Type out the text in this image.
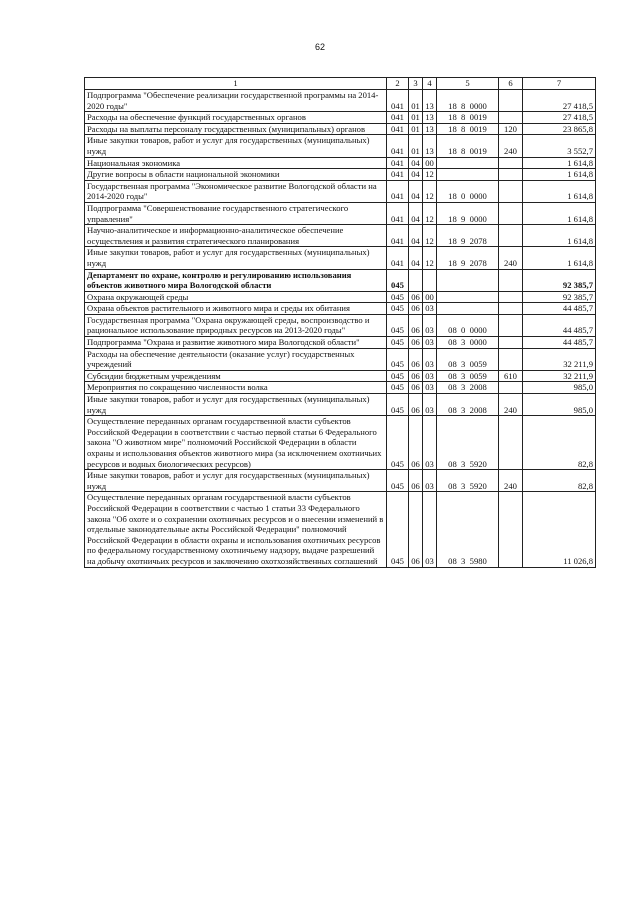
62
1	2	3	4	5	6	7
Подпрограмма "Обеспечение реализации государственной программы на 2014-2020 годы"	041	01	13	18  8  0000		27 418,5
Расходы на обеспечение функций государственных органов	041	01	13	18  8  0019		27 418,5
Расходы на выплаты персоналу государственных (муниципальных) органов	041	01	13	18  8  0019	120	23 865,8
Иные закупки товаров, работ и услуг для государственных (муниципальных) нужд	041	01	13	18  8  0019	240	3 552,7
Национальная экономика	041	04	00			1 614,8
Другие вопросы в области национальной экономики	041	04	12			1 614,8
Государственная программа "Экономическое развитие Вологодской области на 2014-2020 годы"	041	04	12	18  0  0000		1 614,8
Подпрограмма "Совершенствование государственного стратегического управления"	041	04	12	18  9  0000		1 614,8
Научно-аналитическое и информационно-аналитическое обеспечение осуществления и развития стратегического планирования	041	04	12	18  9  2078		1 614,8
Иные закупки товаров, работ и услуг для государственных (муниципальных) нужд	041	04	12	18  9  2078	240	1 614,8
Департамент по охране, контролю и регулированию использования объектов животного мира Вологодской области	045					92 385,7
Охрана окружающей среды	045	06	00			92 385,7
Охрана объектов растительного и животного мира и среды их обитания	045	06	03			44 485,7
Государственная программа "Охрана окружающей среды, воспроизводство и рациональное использование природных ресурсов на 2013-2020 годы"	045	06	03	08  0  0000		44 485,7
Подпрограмма "Охрана и развитие животного мира Вологодской области"	045	06	03	08  3  0000		44 485,7
Расходы на обеспечение деятельности (оказание услуг) государственных учреждений	045	06	03	08  3  0059		32 211,9
Субсидии бюджетным учреждениям	045	06	03	08  3  0059	610	32 211,9
Мероприятия по сокращению численности волка	045	06	03	08  3  2008		985,0
Иные закупки товаров, работ и услуг для государственных (муниципальных) нужд	045	06	03	08  3  2008	240	985,0
Осуществление переданных органам государственной власти субъектов Российской Федерации в соответствии с частью первой статьи 6 Федерального закона "О животном мире" полномочий Российской Федерации в области охраны и использования объектов животного мира (за исключением охотничьих ресурсов и водных биологических ресурсов)	045	06	03	08  3  5920		82,8
Иные закупки товаров, работ и услуг для государственных (муниципальных) нужд	045	06	03	08  3  5920	240	82,8
Осуществление переданных органам государственной власти субъектов Российской Федерации в соответствии с частью 1 статьи 33 Федерального закона "Об охоте и о сохранении охотничьих ресурсов и о внесении изменений в отдельные законодательные акты Российской Федерации" полномочий Российской Федерации в области охраны и использования охотничьих ресурсов по федеральному государственному охотничьему надзору, выдаче разрешений на добычу охотничьих ресурсов и заключению охотхозяйственных соглашений	045	06	03	08  3  5980		11 026,8
